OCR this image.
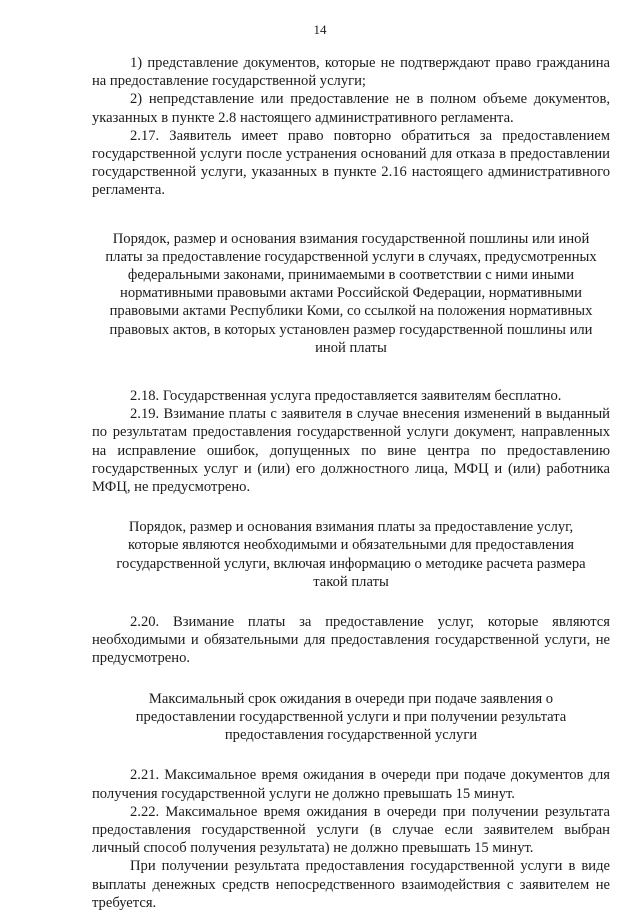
14

1) представление документов, которые не подтверждают право гражданина на предоставление государственной услуги;

2) непредставление или предоставление не в полном объеме документов, указанных в пункте 2.8 настоящего административного регламента.

2.17. Заявитель имеет право повторно обратиться за предоставлением государственной услуги после устранения оснований для отказа в предоставлении государственной услуги, указанных в пункте 2.16 настоящего административного регламента.

Порядок, размер и основания взимания государственной пошлины или иной платы за предоставление государственной услуги в случаях, предусмотренных федеральными законами, принимаемыми в соответствии с ними иными нормативными правовыми актами Российской Федерации, нормативными правовыми актами Республики Коми, со ссылкой на положения нормативных правовых актов, в которых установлен размер государственной пошлины или иной платы

2.18. Государственная услуга предоставляется заявителям бесплатно.

2.19. Взимание платы с заявителя в случае внесения изменений в выданный по результатам предоставления государственной услуги документ, направленных на исправление ошибок, допущенных по вине центра по предоставлению государственных услуг и (или) его должностного лица, МФЦ и (или) работника МФЦ, не предусмотрено.

Порядок, размер и основания взимания платы за предоставление услуг, которые являются необходимыми и обязательными для предоставления государственной услуги, включая информацию о методике расчета размера такой платы

2.20. Взимание платы за предоставление услуг, которые являются необходимыми и обязательными для предоставления государственной услуги, не предусмотрено.

Максимальный срок ожидания в очереди при подаче заявления о предоставлении государственной услуги и при получении результата предоставления государственной услуги

2.21. Максимальное время ожидания в очереди при подаче документов для получения государственной услуги не должно превышать 15 минут.

2.22. Максимальное время ожидания в очереди при получении результата предоставления государственной услуги (в случае если заявителем выбран личный способ получения результата) не должно превышать 15 минут.

При получении результата предоставления государственной услуги в виде выплаты денежных средств непосредственного взаимодействия с заявителем не требуется.
